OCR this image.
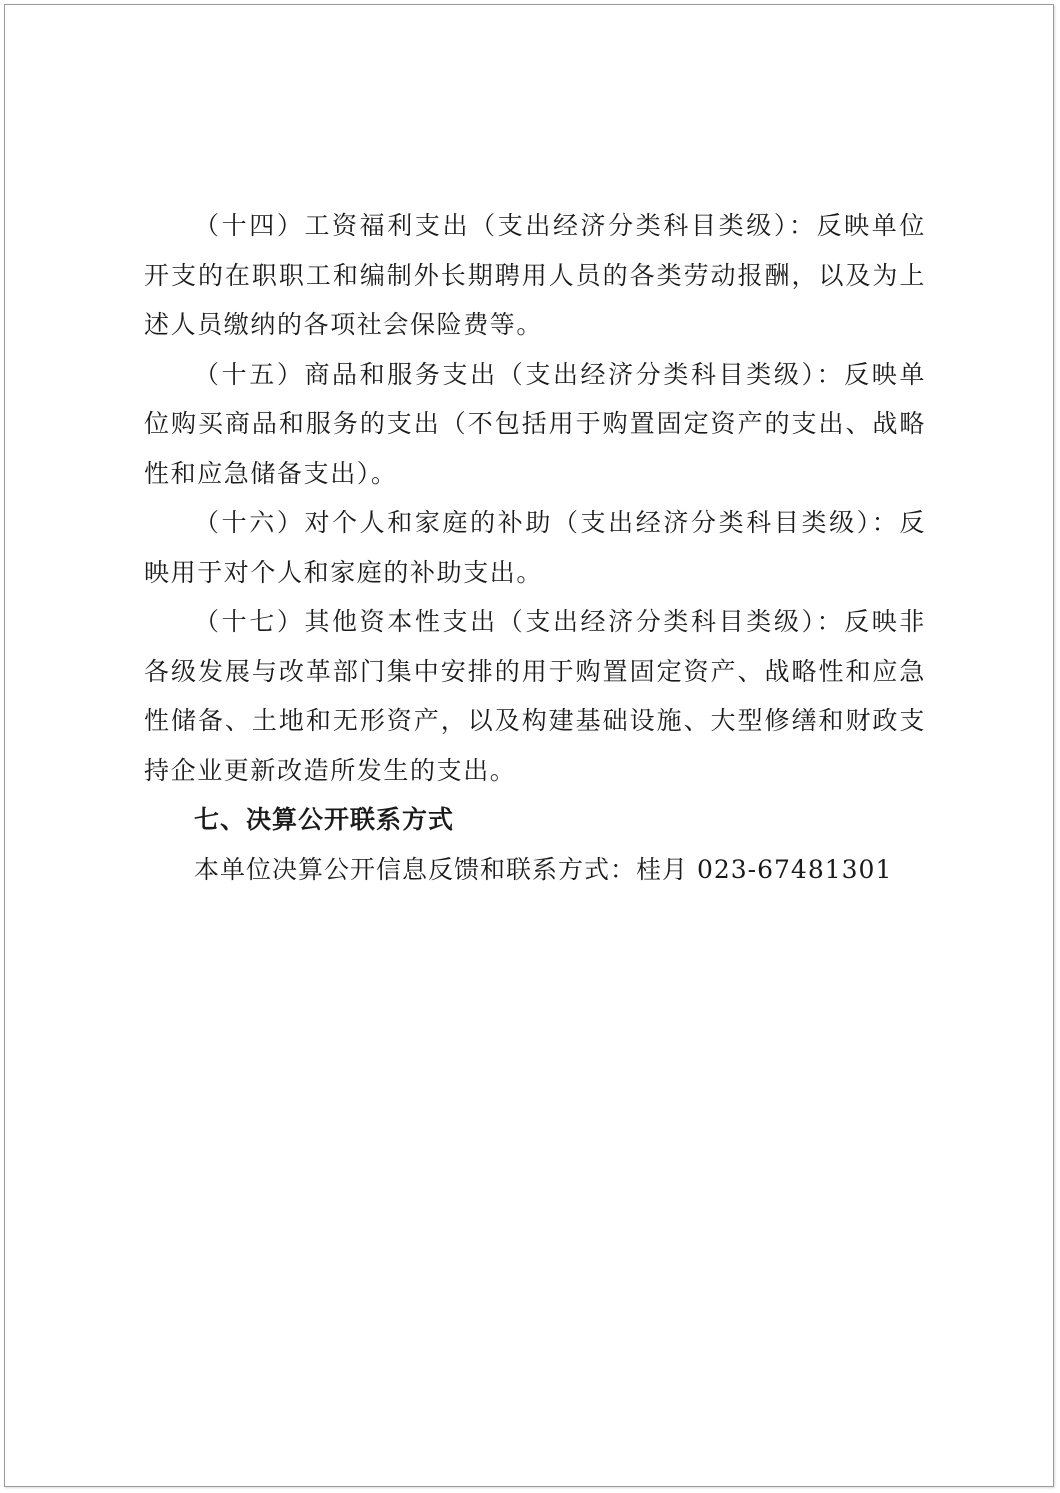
（十四）工资福利支出（支出经济分类科目类级）：反映单位开支的在职职工和编制外长期聘用人员的各类劳动报酬，以及为上述人员缴纳的各项社会保险费等。

（十五）商品和服务支出（支出经济分类科目类级）：反映单位购买商品和服务的支出（不包括用于购置固定资产的支出、战略性和应急储备支出）。

（十六）对个人和家庭的补助（支出经济分类科目类级）：反映用于对个人和家庭的补助支出。

（十七）其他资本性支出（支出经济分类科目类级）：反映非各级发展与改革部门集中安排的用于购置固定资产、战略性和应急性储备、土地和无形资产，以及构建基础设施、大型修缮和财政支持企业更新改造所发生的支出。

七、决算公开联系方式

本单位决算公开信息反馈和联系方式：桂月 023-67481301
